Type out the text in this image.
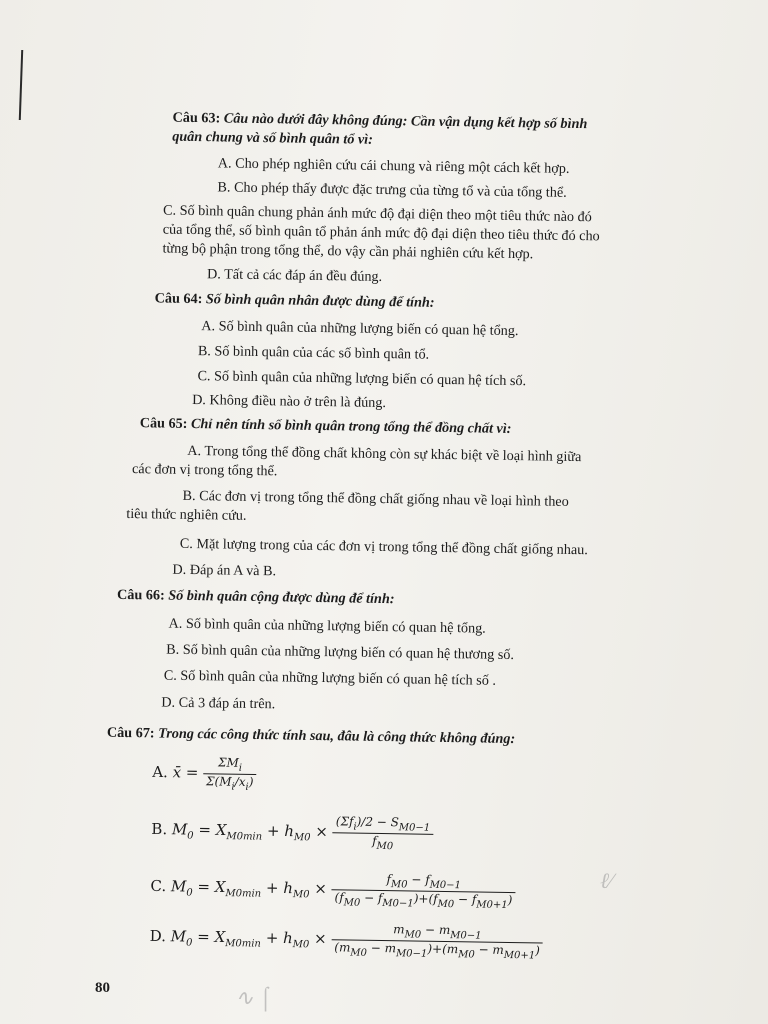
Câu 63: Câu nào dưới đây không đúng: Cần vận dụng kết hợp số bình
quân chung và số bình quân tổ vì:
A. Cho phép nghiên cứu cái chung và riêng một cách kết hợp.
B. Cho phép thấy được đặc trưng của từng tổ và của tổng thể.
C. Số bình quân chung phản ánh mức độ đại diện theo một tiêu thức nào đó
của tổng thể, số bình quân tổ phản ánh mức độ đại diện theo tiêu thức đó cho
từng bộ phận trong tổng thể, do vậy cần phải nghiên cứu kết hợp.
D. Tất cả các đáp án đều đúng.
Câu 64: Số bình quân nhân được dùng để tính:
A. Số bình quân của những lượng biến có quan hệ tổng.
B. Số bình quân của các số bình quân tổ.
C. Số bình quân của những lượng biến có quan hệ tích số.
D. Không điều nào ở trên là đúng.
Câu 65: Chỉ nên tính số bình quân trong tổng thể đồng chất vì:
A. Trong tổng thể đồng chất không còn sự khác biệt về loại hình giữa
các đơn vị trong tổng thể.
B. Các đơn vị trong tổng thể đồng chất giống nhau về loại hình theo
tiêu thức nghiên cứu.
C. Mặt lượng trong của các đơn vị trong tổng thể đồng chất giống nhau.
D. Đáp án A và B.
Câu 66: Số bình quân cộng được dùng để tính:
A. Số bình quân của những lượng biến có quan hệ tổng.
B. Số bình quân của những lượng biến có quan hệ thương số.
C. Số bình quân của những lượng biến có quan hệ tích số .
D. Cả 3 đáp án trên.
Câu 67: Trong các công thức tính sau, đâu là công thức không đúng:
A. x̄ = $\frac{\Sigma M_i}{\Sigma(M_i/x_i)}$
B. $M_0 = X_{M0min} + h_{M0} \times \frac{(\Sigma f_i)/2 - S_{M0-1}}{f_{M0}}$
C. $M_0 = X_{M0min} + h_{M0} \times \frac{f_{M0} - f_{M0-1}}{(f_{M0} - f_{M0-1})+(f_{M0} - f_{M0+1})}$
D. $M_0 = X_{M0min} + h_{M0} \times \frac{m_{M0} - m_{M0-1}}{(m_{M0} - m_{M0-1})+(m_{M0} - m_{M0+1})}$
ℓ∕
∿ ⌠
80
